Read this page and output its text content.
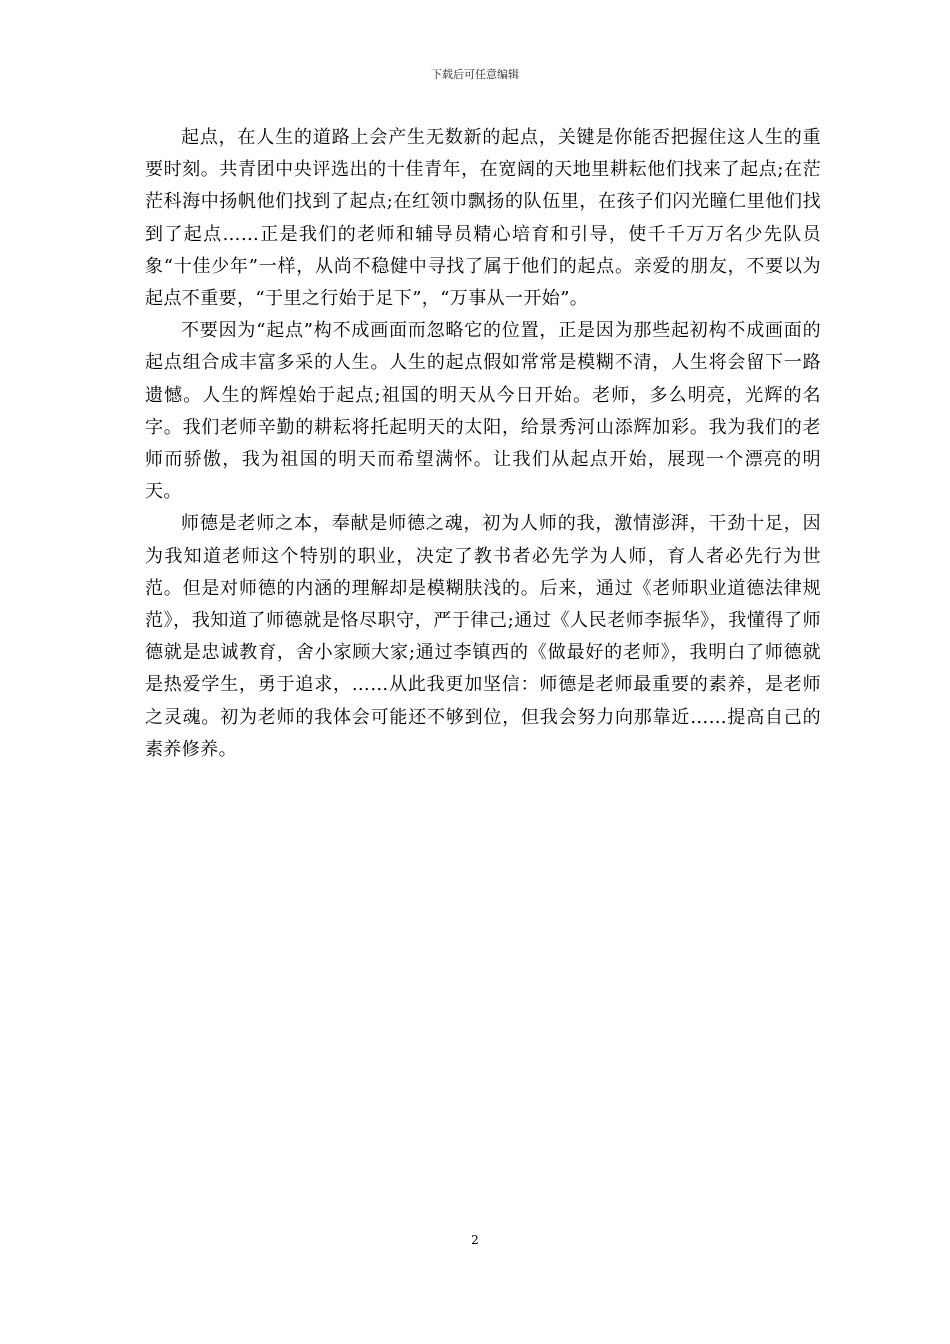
下载后可任意编辑

起点，在人生的道路上会产生无数新的起点，关键是你能否把握住这人生的重要时刻。共青团中央评选出的十佳青年，在宽阔的天地里耕耘他们找来了起点;在茫茫科海中扬帆他们找到了起点;在红领巾飘扬的队伍里，在孩子们闪光瞳仁里他们找到了起点……正是我们的老师和辅导员精心培育和引导，使千千万万名少先队员象“十佳少年”一样，从尚不稳健中寻找了属于他们的起点。亲爱的朋友，不要以为起点不重要，“于里之行始于足下”，“万事从一开始”。

不要因为“起点”构不成画面而忽略它的位置，正是因为那些起初构不成画面的起点组合成丰富多采的人生。人生的起点假如常常是模糊不清，人生将会留下一路遗憾。人生的辉煌始于起点;祖国的明天从今日开始。老师，多么明亮，光辉的名字。我们老师辛勤的耕耘将托起明天的太阳，给景秀河山添辉加彩。我为我们的老师而骄傲，我为祖国的明天而希望满怀。让我们从起点开始，展现一个漂亮的明天。

师德是老师之本，奉献是师德之魂，初为人师的我，激情澎湃，干劲十足，因为我知道老师这个特别的职业，决定了教书者必先学为人师，育人者必先行为世范。但是对师德的内涵的理解却是模糊肤浅的。后来，通过《老师职业道德法律规范》，我知道了师德就是恪尽职守，严于律己;通过《人民老师李振华》，我懂得了师德就是忠诚教育，舍小家顾大家;通过李镇西的《做最好的老师》，我明白了师德就是热爱学生，勇于追求，……从此我更加坚信：师德是老师最重要的素养，是老师之灵魂。初为老师的我体会可能还不够到位，但我会努力向那靠近……提高自己的素养修养。

2
